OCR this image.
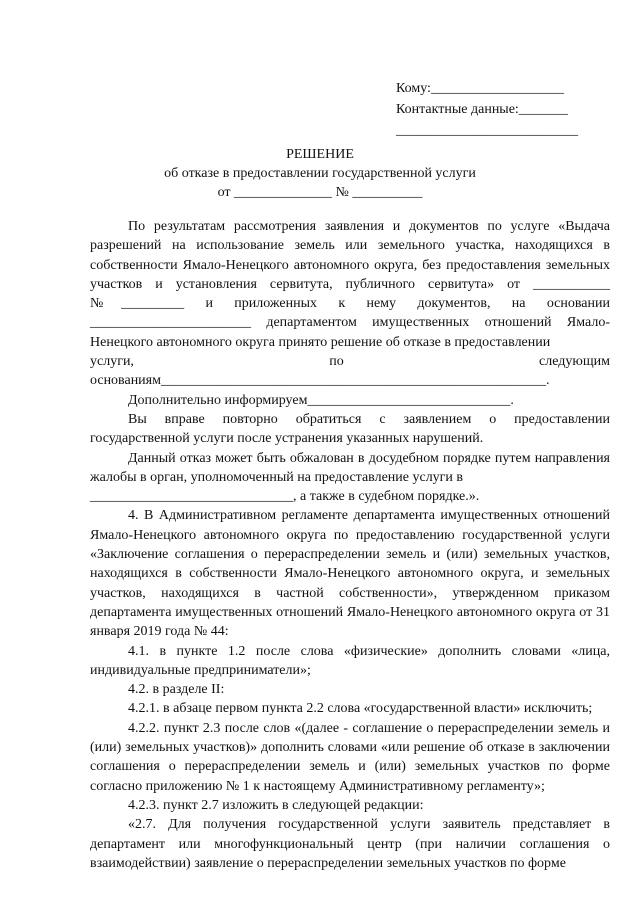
Кому:___________________
Контактные данные:_______
__________________________
РЕШЕНИЕ
об отказе в предоставлении государственной услуги
от ______________ № __________

По результатам рассмотрения заявления и документов по услуге «Выдача разрешений на использование земель или земельного участка, находящихся в собственности Ямало-Ненецкого автономного округа, без предоставления земельных участков и установления сервитута, публичного сервитута» от ___________ №_________ и приложенных к нему документов, на основании _______________________ департаментом имущественных отношений Ямало-Ненецкого автономного округа принято решение об отказе в предоставлении

услуги,	по	следующим

основаниям_______________________________________________________.

Дополнительно информируем_____________________________.

Вы вправе повторно обратиться с заявлением о предоставлении государственной услуги после устранения указанных нарушений.

Данный отказ может быть обжалован в досудебном порядке путем направления жалобы в орган, уполномоченный на предоставление услуги в

_____________________________, а также в судебном порядке.».

4. В Административном регламенте департамента имущественных отношений Ямало-Ненецкого автономного округа по предоставлению государственной услуги «Заключение соглашения о перераспределении земель и (или) земельных участков, находящихся в собственности Ямало-Ненецкого автономного округа, и земельных участков, находящихся в частной собственности», утвержденном приказом департамента имущественных отношений Ямало-Ненецкого автономного округа от 31 января 2019 года № 44:

4.1. в пункте 1.2 после слова «физические» дополнить словами «лица, индивидуальные предприниматели»;

4.2. в разделе II:

4.2.1. в абзаце первом пункта 2.2 слова «государственной власти» исключить;

4.2.2. пункт 2.3 после слов «(далее - соглашение о перераспределении земель и (или) земельных участков)» дополнить словами «или решение об отказе в заключении соглашения о перераспределении земель и (или) земельных участков по форме согласно приложению № 1 к настоящему Административному регламенту»;

4.2.3. пункт 2.7 изложить в следующей редакции:

«2.7. Для получения государственной услуги заявитель представляет в департамент или многофункциональный центр (при наличии соглашения о взаимодействии) заявление о перераспределении земельных участков по форме
